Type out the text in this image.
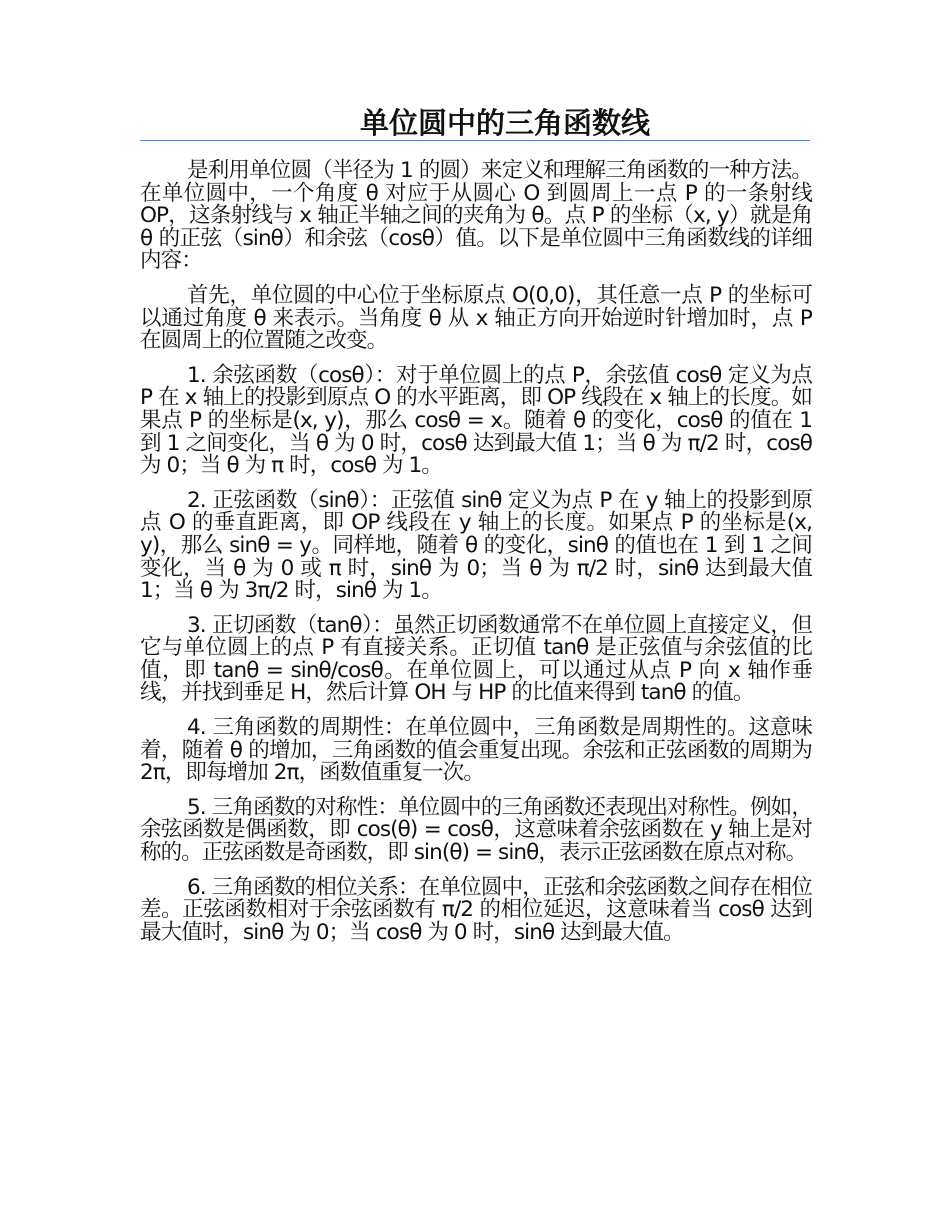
单位圆中的三角函数线

是利用单位圆（半径为 1 的圆）来定义和理解三角函数的一种方法。在单位圆中，一个角度 θ 对应于从圆心 O 到圆周上一点 P 的一条射线 OP，这条射线与 x 轴正半轴之间的夹角为 θ。点 P 的坐标（x, y）就是角 θ 的正弦（sinθ）和余弦（cosθ）值。以下是单位圆中三角函数线的详细内容：

首先，单位圆的中心位于坐标原点 O(0,0)，其任意一点 P 的坐标可以通过角度 θ 来表示。当角度 θ 从 x 轴正方向开始逆时针增加时，点 P 在圆周上的位置随之改变。

1. 余弦函数（cosθ）：对于单位圆上的点 P，余弦值 cosθ 定义为点 P 在 x 轴上的投影到原点 O 的水平距离，即 OP 线段在 x 轴上的长度。如果点 P 的坐标是(x, y)，那么 cosθ = x。随着 θ 的变化，cosθ 的值在 1 到 1 之间变化，当 θ 为 0 时，cosθ 达到最大值 1；当 θ 为 π/2 时，cosθ 为 0；当 θ 为 π 时，cosθ 为 1。

2. 正弦函数（sinθ）：正弦值 sinθ 定义为点 P 在 y 轴上的投影到原点 O 的垂直距离，即 OP 线段在 y 轴上的长度。如果点 P 的坐标是(x, y)，那么 sinθ = y。同样地，随着 θ 的变化，sinθ 的值也在 1 到 1 之间变化，当 θ 为 0 或 π 时，sinθ 为 0；当 θ 为 π/2 时，sinθ 达到最大值 1；当 θ 为 3π/2 时，sinθ 为 1。

3. 正切函数（tanθ）：虽然正切函数通常不在单位圆上直接定义，但它与单位圆上的点 P 有直接关系。正切值 tanθ 是正弦值与余弦值的比值，即 tanθ = sinθ/cosθ。在单位圆上，可以通过从点 P 向 x 轴作垂线，并找到垂足 H，然后计算 OH 与 HP 的比值来得到 tanθ 的值。

4. 三角函数的周期性：在单位圆中，三角函数是周期性的。这意味着，随着 θ 的增加，三角函数的值会重复出现。余弦和正弦函数的周期为 2π，即每增加 2π，函数值重复一次。

5. 三角函数的对称性：单位圆中的三角函数还表现出对称性。例如，余弦函数是偶函数，即 cos(θ) = cosθ，这意味着余弦函数在 y 轴上是对称的。正弦函数是奇函数，即 sin(θ) = sinθ，表示正弦函数在原点对称。

6. 三角函数的相位关系：在单位圆中，正弦和余弦函数之间存在相位差。正弦函数相对于余弦函数有 π/2 的相位延迟，这意味着当 cosθ 达到最大值时，sinθ 为 0；当 cosθ 为 0 时，sinθ 达到最大值。
